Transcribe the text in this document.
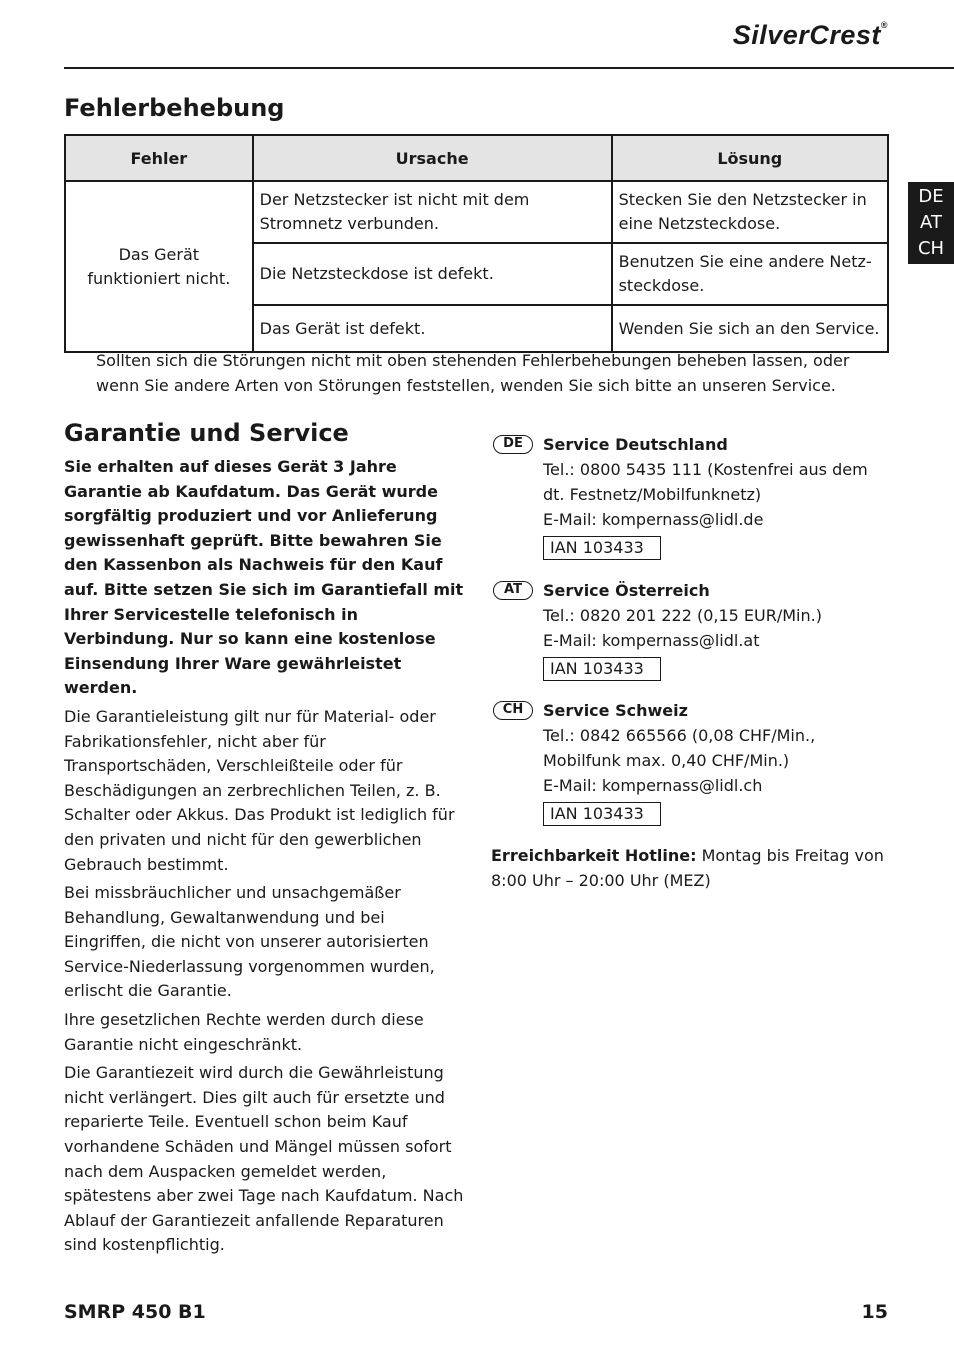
SilverCrest®
DE
AT
CH
Fehlerbehebung
Fehler	Ursache	Lösung
Das Gerät funktioniert nicht.	Der Netzstecker ist nicht mit dem Stromnetz verbunden.	Stecken Sie den Netzstecker in eine Netzsteckdose.
	Die Netzsteckdose ist defekt.	Benutzen Sie eine andere Netz-steckdose.
	Das Gerät ist defekt.	Wenden Sie sich an den Service.
Sollten sich die Störungen nicht mit oben stehenden Fehlerbehebungen beheben lassen, oder wenn Sie andere Arten von Störungen feststellen, wenden Sie sich bitte an unseren Service.
Garantie und Service

Sie erhalten auf dieses Gerät 3 Jahre Garantie ab Kaufdatum. Das Gerät wurde sorgfältig produziert und vor Anlieferung gewissenhaft geprüft. Bitte bewahren Sie den Kassenbon als Nachweis für den Kauf auf. Bitte setzen Sie sich im Garantiefall mit Ihrer Servicestelle telefonisch in Verbindung. Nur so kann eine kostenlose Einsendung Ihrer Ware gewährleistet werden.

Die Garantieleistung gilt nur für Material- oder Fabrikationsfehler, nicht aber für Transportschäden, Verschleißteile oder für Beschädigungen an zerbrechlichen Teilen, z. B. Schalter oder Akkus. Das Produkt ist lediglich für den privaten und nicht für den gewerblichen Gebrauch bestimmt.

Bei missbräuchlicher und unsachgemäßer Behandlung, Gewaltanwendung und bei Eingriffen, die nicht von unserer autorisierten Service-Niederlassung vorgenommen wurden, erlischt die Garantie.

Ihre gesetzlichen Rechte werden durch diese Garantie nicht eingeschränkt.

Die Garantiezeit wird durch die Gewährleistung nicht verlängert. Dies gilt auch für ersetzte und reparierte Teile. Eventuell schon beim Kauf vorhandene Schäden und Mängel müssen sofort nach dem Auspacken gemeldet werden, spätestens aber zwei Tage nach Kaufdatum. Nach Ablauf der Garantiezeit anfallende Reparaturen sind kostenpflichtig.

DE	Service Deutschland
Tel.: 0800 5435 111 (Kostenfrei aus dem
dt. Festnetz/Mobilfunknetz)
E-Mail: kompernass@lidl.de
IAN 103433
AT	Service Österreich
Tel.: 0820 201 222 (0,15 EUR/Min.)
E-Mail: kompernass@lidl.at
IAN 103433
CH	Service Schweiz
Tel.: 0842 665566 (0,08 CHF/Min.,
Mobilfunk max. 0,40 CHF/Min.)
E-Mail: kompernass@lidl.ch
IAN 103433
Erreichbarkeit Hotline: Montag bis Freitag von 8:00 Uhr – 20:00 Uhr (MEZ)
SMRP 450 B1	15
